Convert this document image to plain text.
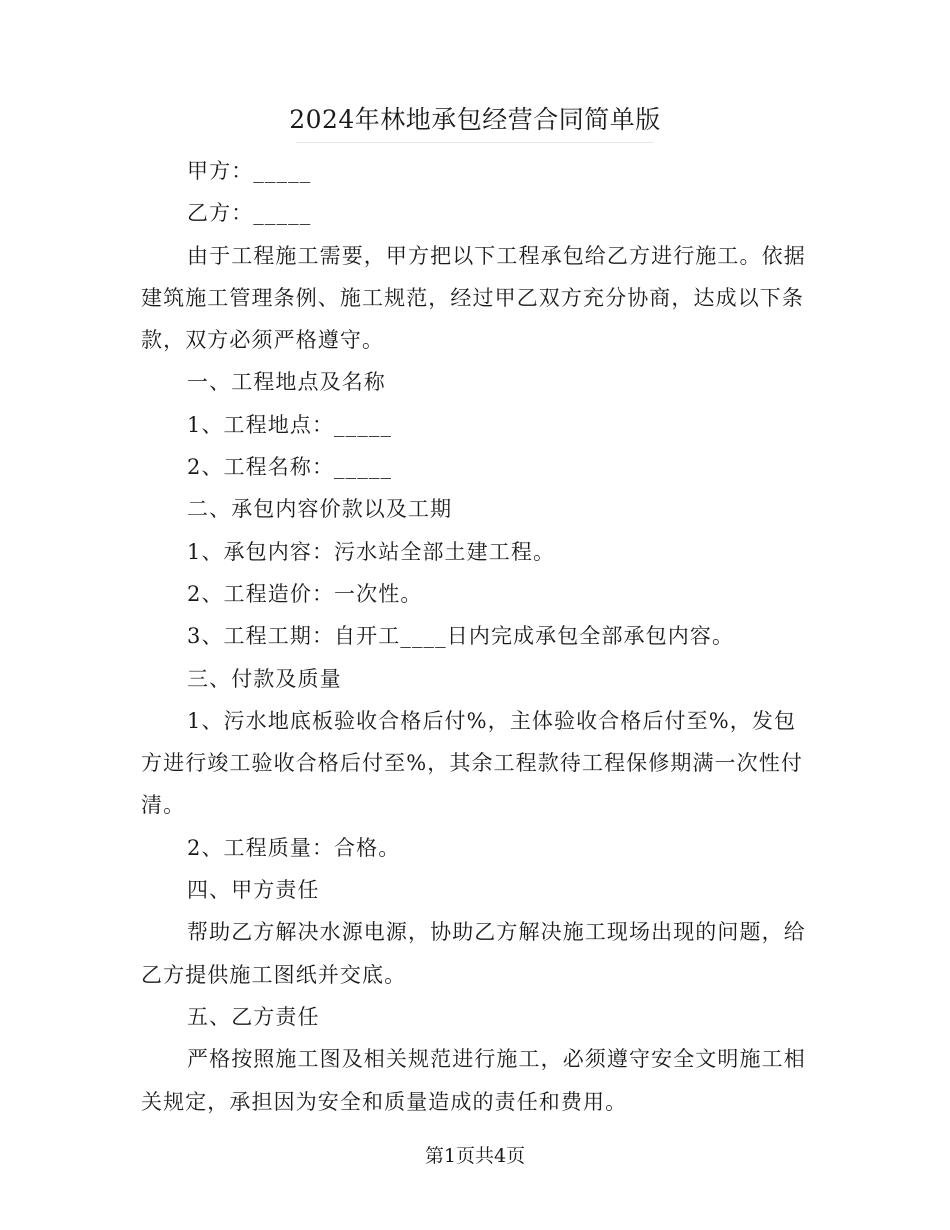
2024年林地承包经营合同简单版

甲方：_____

乙方：_____

由于工程施工需要，甲方把以下工程承包给乙方进行施工。依据建筑施工管理条例、施工规范，经过甲乙双方充分协商，达成以下条款，双方必须严格遵守。

一、工程地点及名称

1、工程地点：_____

2、工程名称：_____

二、承包内容价款以及工期

1、承包内容：污水站全部土建工程。

2、工程造价：一次性。

3、工程工期：自开工____日内完成承包全部承包内容。

三、付款及质量

1、污水地底板验收合格后付%，主体验收合格后付至%，发包方进行竣工验收合格后付至%，其余工程款待工程保修期满一次性付清。

2、工程质量：合格。

四、甲方责任

帮助乙方解决水源电源，协助乙方解决施工现场出现的问题，给乙方提供施工图纸并交底。

五、乙方责任

严格按照施工图及相关规范进行施工，必须遵守安全文明施工相关规定，承担因为安全和质量造成的责任和费用。

第1页共4页
